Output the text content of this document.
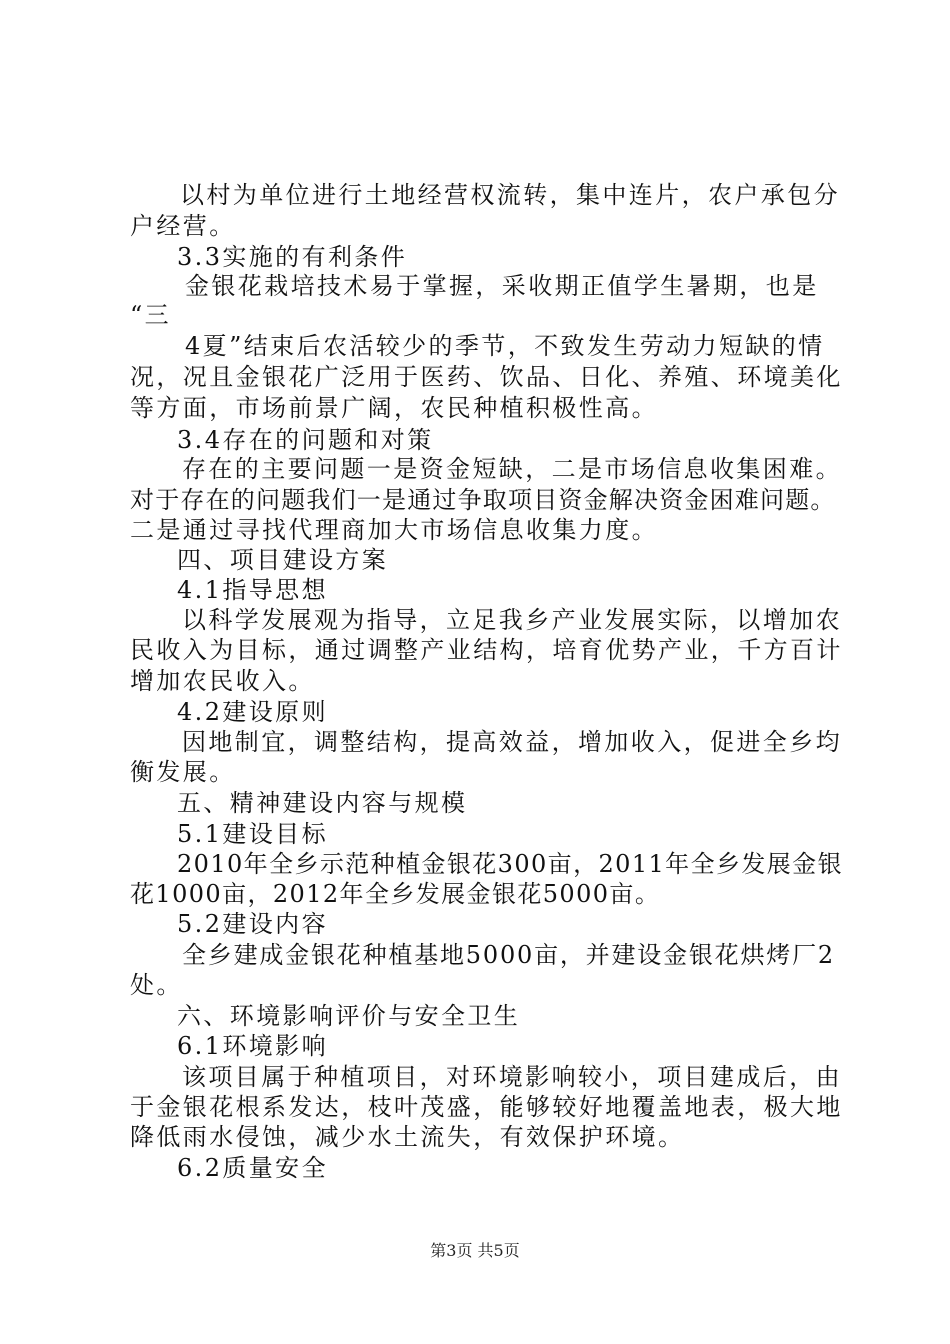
以村为单位进行土地经营权流转，集中连片，农户承包分
户经营。
3.3实施的有利条件
金银花栽培技术易于掌握，采收期正值学生暑期，也是
“三
4夏”结束后农活较少的季节，不致发生劳动力短缺的情
况，况且金银花广泛用于医药、饮品、日化、养殖、环境美化
等方面，市场前景广阔，农民种植积极性高。
3.4存在的问题和对策
存在的主要问题一是资金短缺，二是市场信息收集困难。
对于存在的问题我们一是通过争取项目资金解决资金困难问题。
二是通过寻找代理商加大市场信息收集力度。
四、项目建设方案
4.1指导思想
以科学发展观为指导，立足我乡产业发展实际，以增加农
民收入为目标，通过调整产业结构，培育优势产业，千方百计
增加农民收入。
4.2建设原则
因地制宜，调整结构，提高效益，增加收入，促进全乡均
衡发展。
五、精神建设内容与规模
5.1建设目标
2010年全乡示范种植金银花300亩，2011年全乡发展金银
花1000亩，2012年全乡发展金银花5000亩。
5.2建设内容
全乡建成金银花种植基地5000亩，并建设金银花烘烤厂2
处。
六、环境影响评价与安全卫生
6.1环境影响
该项目属于种植项目，对环境影响较小，项目建成后，由
于金银花根系发达，枝叶茂盛，能够较好地覆盖地表，极大地
降低雨水侵蚀，减少水土流失，有效保护环境。
6.2质量安全
第3页 共5页
